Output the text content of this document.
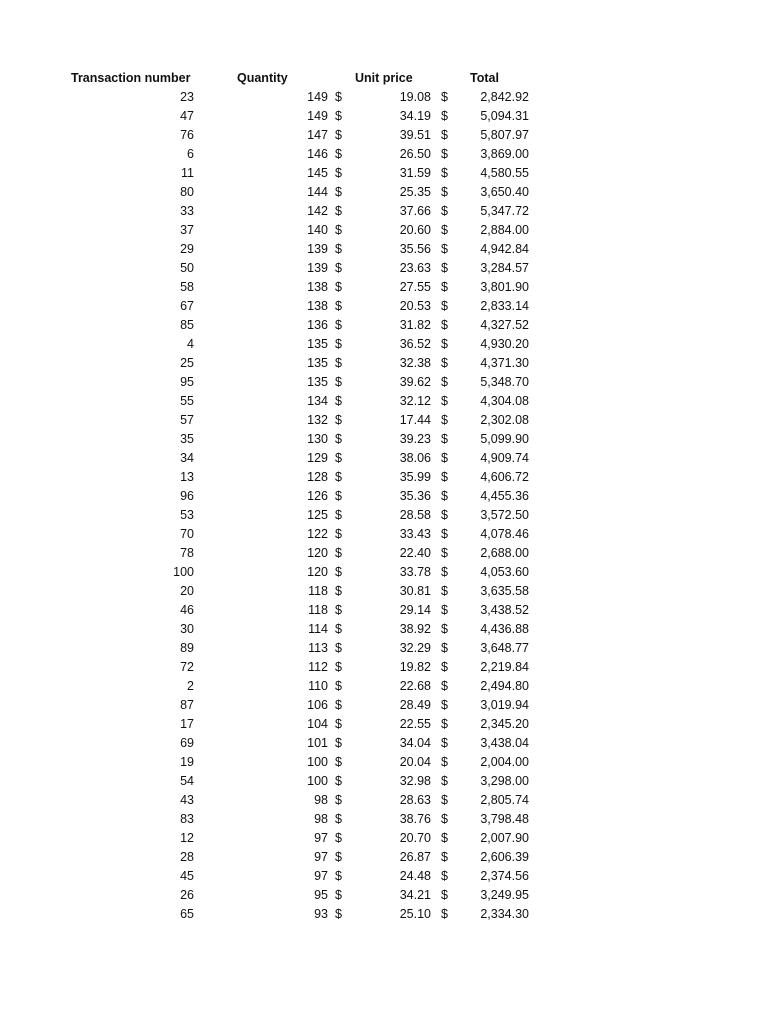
Transaction number	Quantity	Unit price	Total
23	149 $	19.08 $	2,842.92
47	149 $	34.19 $	5,094.31
76	147 $	39.51 $	5,807.97
6	146 $	26.50 $	3,869.00
11	145 $	31.59 $	4,580.55
80	144 $	25.35 $	3,650.40
33	142 $	37.66 $	5,347.72
37	140 $	20.60 $	2,884.00
29	139 $	35.56 $	4,942.84
50	139 $	23.63 $	3,284.57
58	138 $	27.55 $	3,801.90
67	138 $	20.53 $	2,833.14
85	136 $	31.82 $	4,327.52
4	135 $	36.52 $	4,930.20
25	135 $	32.38 $	4,371.30
95	135 $	39.62 $	5,348.70
55	134 $	32.12 $	4,304.08
57	132 $	17.44 $	2,302.08
35	130 $	39.23 $	5,099.90
34	129 $	38.06 $	4,909.74
13	128 $	35.99 $	4,606.72
96	126 $	35.36 $	4,455.36
53	125 $	28.58 $	3,572.50
70	122 $	33.43 $	4,078.46
78	120 $	22.40 $	2,688.00
100	120 $	33.78 $	4,053.60
20	118 $	30.81 $	3,635.58
46	118 $	29.14 $	3,438.52
30	114 $	38.92 $	4,436.88
89	113 $	32.29 $	3,648.77
72	112 $	19.82 $	2,219.84
2	110 $	22.68 $	2,494.80
87	106 $	28.49 $	3,019.94
17	104 $	22.55 $	2,345.20
69	101 $	34.04 $	3,438.04
19	100 $	20.04 $	2,004.00
54	100 $	32.98 $	3,298.00
43	98 $	28.63 $	2,805.74
83	98 $	38.76 $	3,798.48
12	97 $	20.70 $	2,007.90
28	97 $	26.87 $	2,606.39
45	97 $	24.48 $	2,374.56
26	95 $	34.21 $	3,249.95
65	93 $	25.10 $	2,334.30
